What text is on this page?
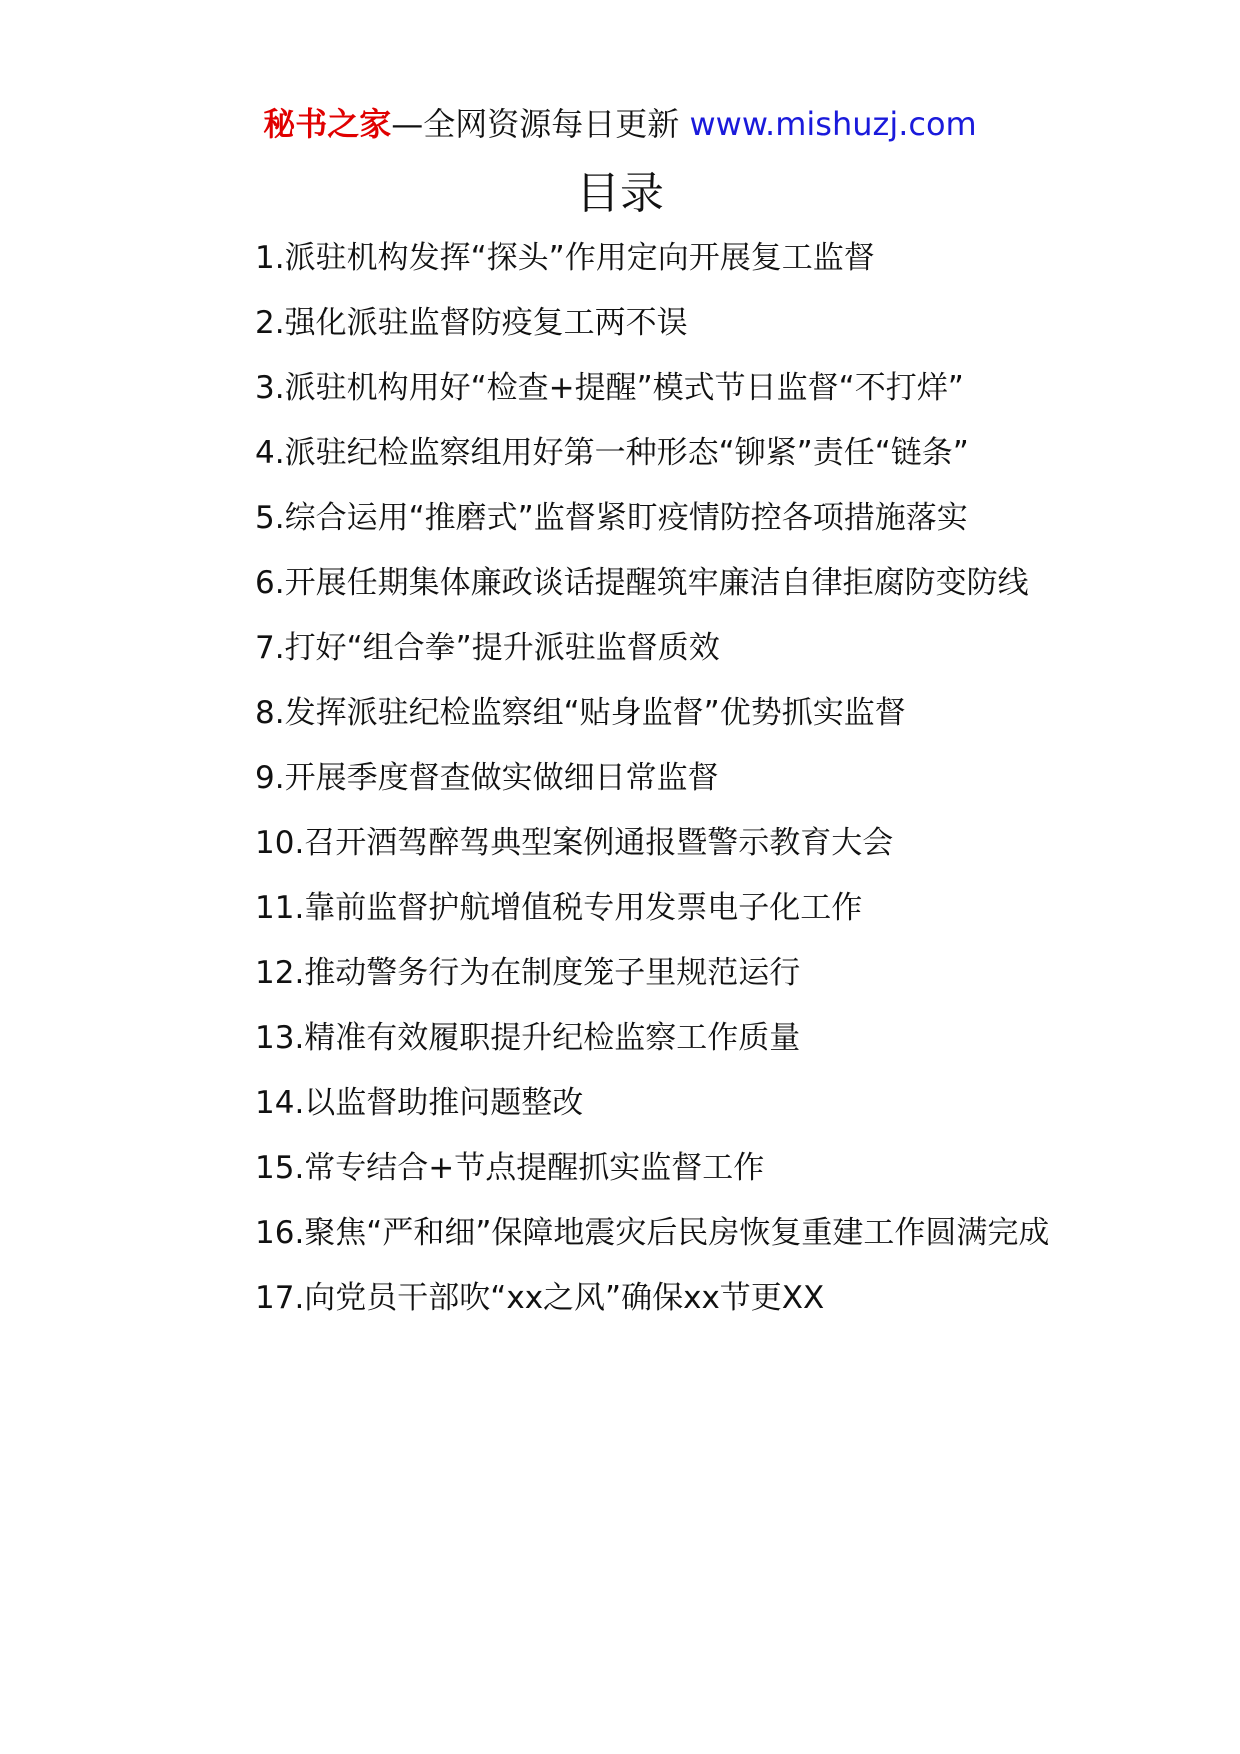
秘书之家—全网资源每日更新 www.mishuzj.com
目录
1.派驻机构发挥“探头”作用定向开展复工监督
2.强化派驻监督防疫复工两不误
3.派驻机构用好“检查+提醒”模式节日监督“不打烊”
4.派驻纪检监察组用好第一种形态“铆紧”责任“链条”
5.综合运用“推磨式”监督紧盯疫情防控各项措施落实
6.开展任期集体廉政谈话提醒筑牢廉洁自律拒腐防变防线
7.打好“组合拳”提升派驻监督质效
8.发挥派驻纪检监察组“贴身监督”优势抓实监督
9.开展季度督查做实做细日常监督
10.召开酒驾醉驾典型案例通报暨警示教育大会
11.靠前监督护航增值税专用发票电子化工作
12.推动警务行为在制度笼子里规范运行
13.精准有效履职提升纪检监察工作质量
14.以监督助推问题整改
15.常专结合+节点提醒抓实监督工作
16.聚焦“严和细”保障地震灾后民房恢复重建工作圆满完成
17.向党员干部吹“xx之风”确保xx节更XX
